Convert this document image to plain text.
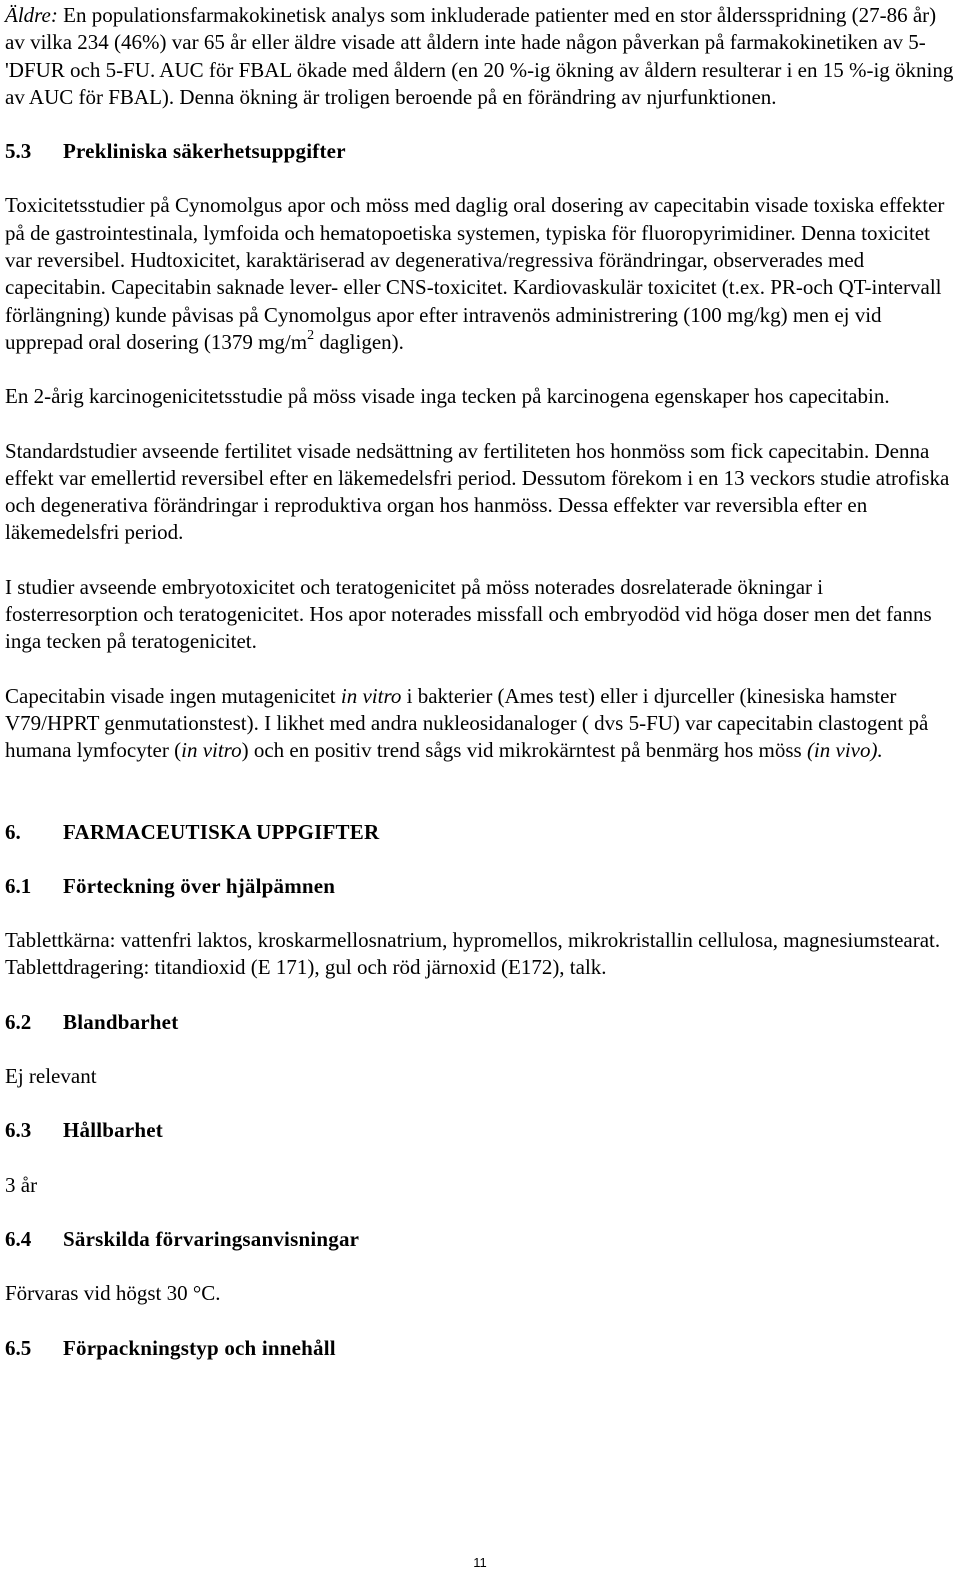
Äldre: En populationsfarmakokinetisk analys som inkluderade patienter med en stor åldersspridning (27-86 år) av vilka 234 (46%) var 65 år eller äldre visade att åldern inte hade någon påverkan på farmakokinetiken av 5-'DFUR och 5-FU. AUC för FBAL ökade med åldern (en 20 %-ig ökning av åldern resulterar i en 15 %-ig ökning av AUC för FBAL). Denna ökning är troligen beroende på en förändring av njurfunktionen.

5.3 Prekliniska säkerhetsuppgifter

Toxicitetsstudier på Cynomolgus apor och möss med daglig oral dosering av capecitabin visade toxiska effekter på de gastrointestinala, lymfoida och hematopoetiska systemen, typiska för fluoropyrimidiner. Denna toxicitet var reversibel. Hudtoxicitet, karaktäriserad av degenerativa/regressiva förändringar, observerades med capecitabin. Capecitabin saknade lever- eller CNS-toxicitet. Kardiovaskulär toxicitet (t.ex. PR-och QT-intervall förlängning) kunde påvisas på Cynomolgus apor efter intravenös administrering (100 mg/kg) men ej vid upprepad oral dosering (1379 $mg/m^2$ dagligen).

En 2-årig karcinogenicitetsstudie på möss visade inga tecken på karcinogena egenskaper hos capecitabin.

Standardstudier avseende fertilitet visade nedsättning av fertiliteten hos honmöss som fick capecitabin. Denna effekt var emellertid reversibel efter en läkemedelsfri period. Dessutom förekom i en 13 veckors studie atrofiska och degenerativa förändringar i reproduktiva organ hos hanmöss. Dessa effekter var reversibla efter en läkemedelsfri period.

I studier avseende embryotoxicitet och teratogenicitet på möss noterades dosrelaterade ökningar i fosterresorption och teratogenicitet. Hos apor noterades missfall och embryodöd vid höga doser men det fanns inga tecken på teratogenicitet.

Capecitabin visade ingen mutagenicitet in vitro i bakterier (Ames test) eller i djurceller (kinesiska hamster V79/HPRT genmutationstest). I likhet med andra nukleosidanaloger ( dvs 5-FU) var capecitabin clastogent på humana lymfocyter (in vitro) och en positiv trend sågs vid mikrokärntest på benmärg hos möss (in vivo).

6. FARMACEUTISKA UPPGIFTER

6.1 Förteckning över hjälpämnen

Tablettkärna: vattenfri laktos, kroskarmellosnatrium, hypromellos, mikrokristallin cellulosa, magnesiumstearat.

Tablettdragering: titandioxid (E 171), gul och röd järnoxid (E172), talk.

6.2 Blandbarhet

Ej relevant

6.3 Hållbarhet

3 år

6.4 Särskilda förvaringsanvisningar

Förvaras vid högst 30 °C.

6.5 Förpackningstyp och innehåll

11
